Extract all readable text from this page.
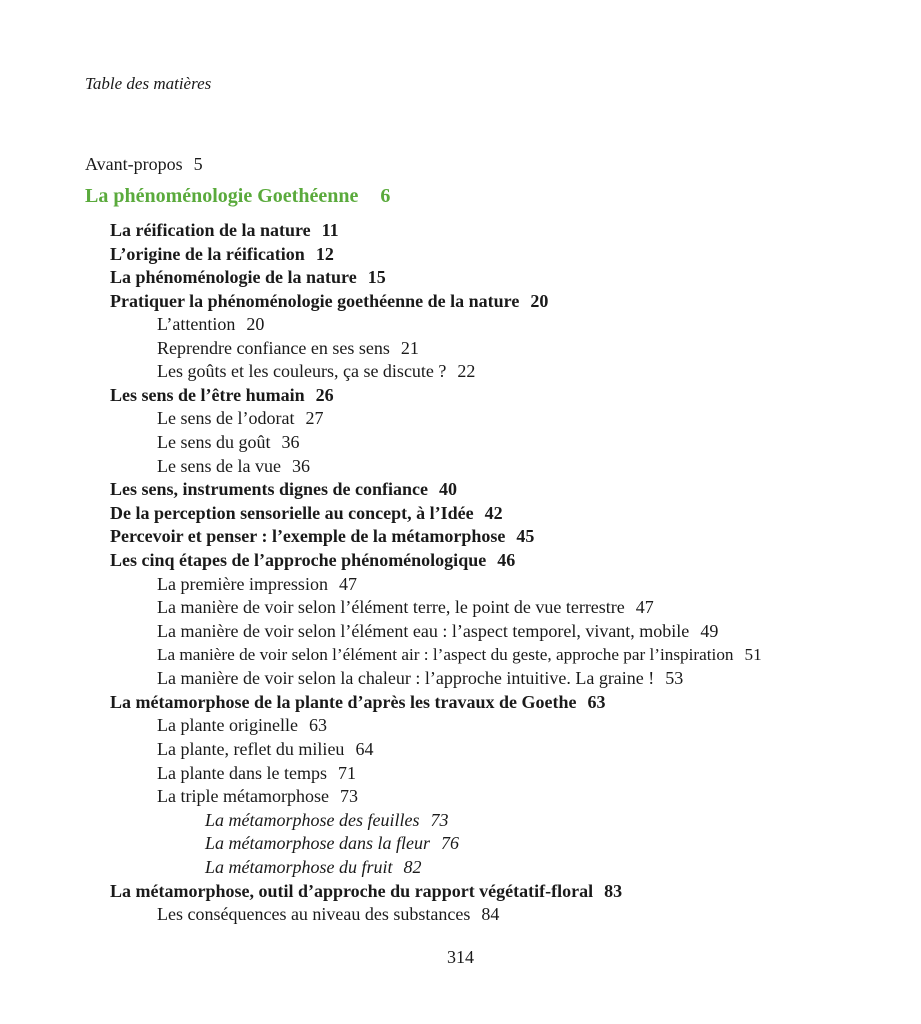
Table des matières
Avant-propos 5
La phénoménologie Goethéenne 6
La réification de la nature 11
L’origine de la réification 12
La phénoménologie de la nature 15
Pratiquer la phénoménologie goethéenne de la nature 20
L’attention 20
Reprendre confiance en ses sens 21
Les goûts et les couleurs, ça se discute ? 22
Les sens de l’être humain 26
Le sens de l’odorat 27
Le sens du goût 36
Le sens de la vue 36
Les sens, instruments dignes de confiance 40
De la perception sensorielle au concept, à l’Idée 42
Percevoir et penser : l’exemple de la métamorphose 45
Les cinq étapes de l’approche phénoménologique 46
La première impression 47
La manière de voir selon l’élément terre, le point de vue terrestre 47
La manière de voir selon l’élément eau : l’aspect temporel, vivant, mobile 49
La manière de voir selon l’élément air : l’aspect du geste, approche par l’inspiration 51
La manière de voir selon la chaleur : l’approche intuitive. La graine ! 53
La métamorphose de la plante d’après les travaux de Goethe 63
La plante originelle 63
La plante, reflet du milieu 64
La plante dans le temps 71
La triple métamorphose 73
La métamorphose des feuilles 73
La métamorphose dans la fleur 76
La métamorphose du fruit 82
La métamorphose, outil d’approche du rapport végétatif-floral 83
Les conséquences au niveau des substances 84
314
